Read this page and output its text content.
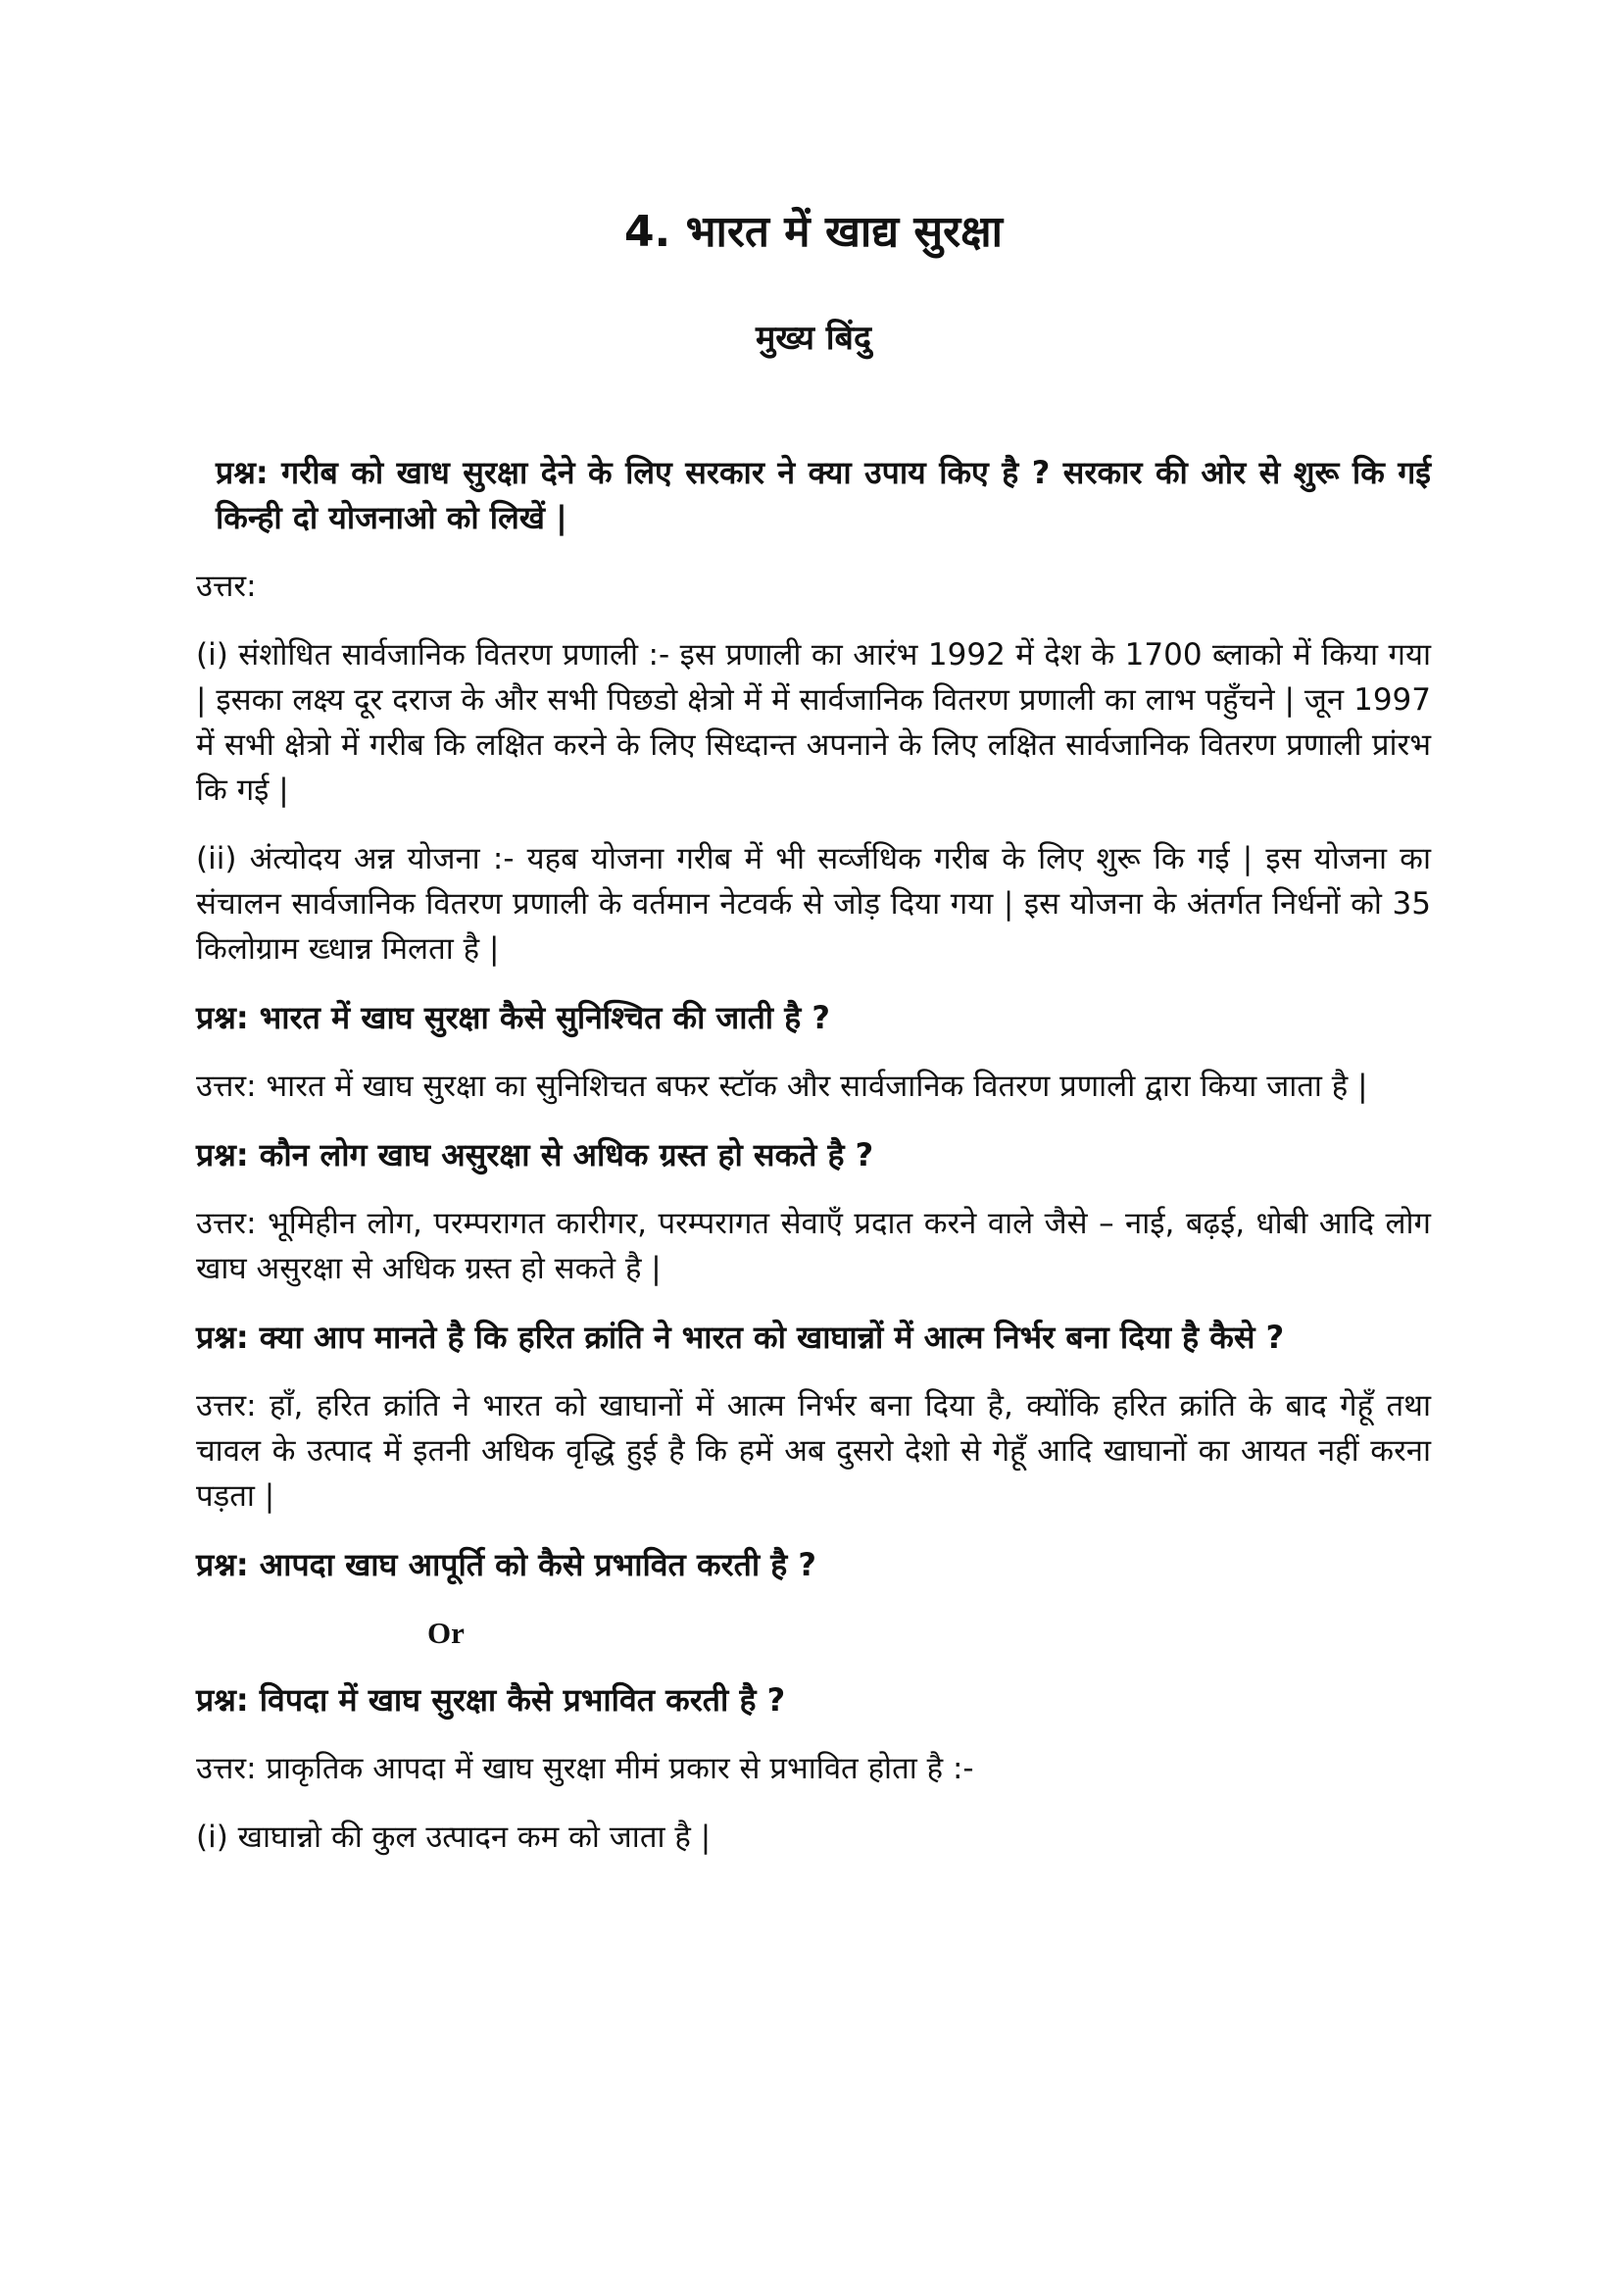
4. भारत में खाद्य सुरक्षा
मुख्य बिंदु
प्रश्न: गरीब को खाध सुरक्षा देने के लिए सरकार ने क्या उपाय किए है ? सरकार की ओर से शुरू कि गई किन्ही दो योजनाओ को लिखें |
उत्तर:
(i) संशोधित सार्वजानिक वितरण प्रणाली :- इस प्रणाली का आरंभ 1992 में देश के 1700 ब्लाको में किया गया | इसका लक्ष्य दूर दराज के और सभी पिछडो क्षेत्रो में में सार्वजानिक वितरण प्रणाली का लाभ पहुँचने | जून 1997 में सभी क्षेत्रो में गरीब कि लक्षित करने के लिए सिध्दान्त अपनाने के लिए लक्षित सार्वजानिक वितरण प्रणाली प्रांरभ कि गई |
(ii) अंत्योदय अन्न योजना :- यहब योजना गरीब में भी सर्व्जधिक गरीब के लिए शुरू कि गई | इस योजना का संचालन सार्वजानिक वितरण प्रणाली के वर्तमान नेटवर्क से जोड़ दिया गया | इस योजना के अंतर्गत निर्धनों को 35 किलोग्राम ख्धान्न मिलता है |
प्रश्न: भारत में खाघ सुरक्षा कैसे सुनिश्चित की जाती है ?
उत्तर: भारत में खाघ सुरक्षा का सुनिशिचत बफर स्टॉक और सार्वजानिक वितरण प्रणाली द्वारा किया जाता है |
प्रश्न: कौन लोग खाघ असुरक्षा से अधिक ग्रस्त हो सकते है ?
उत्तर: भूमिहीन लोग, परम्परागत कारीगर, परम्परागत सेवाएँ प्रदात करने वाले जैसे – नाई, बढ़ई, धोबी आदि लोग खाघ असुरक्षा से अधिक ग्रस्त हो सकते है |
प्रश्न: क्या आप मानते है कि हरित क्रांति ने भारत को खाघान्नों में आत्म निर्भर बना दिया है कैसे ?
उत्तर: हाँ, हरित क्रांति ने भारत को खाघानों में आत्म निर्भर बना दिया है, क्योंकि हरित क्रांति के बाद गेहूँ तथा चावल के उत्पाद में इतनी अधिक वृद्धि हुई है कि हमें अब दुसरो देशो से गेहूँ आदि खाघानों का आयत नहीं करना पड़ता |
प्रश्न: आपदा खाघ आपूर्ति को कैसे प्रभावित करती है ?
Or
प्रश्न: विपदा में खाघ सुरक्षा कैसे प्रभावित करती है ?
उत्तर: प्राकृतिक आपदा में खाघ सुरक्षा मीमं प्रकार से प्रभावित होता है :-
(i) खाघान्नो की कुल उत्पादन कम को जाता है |
